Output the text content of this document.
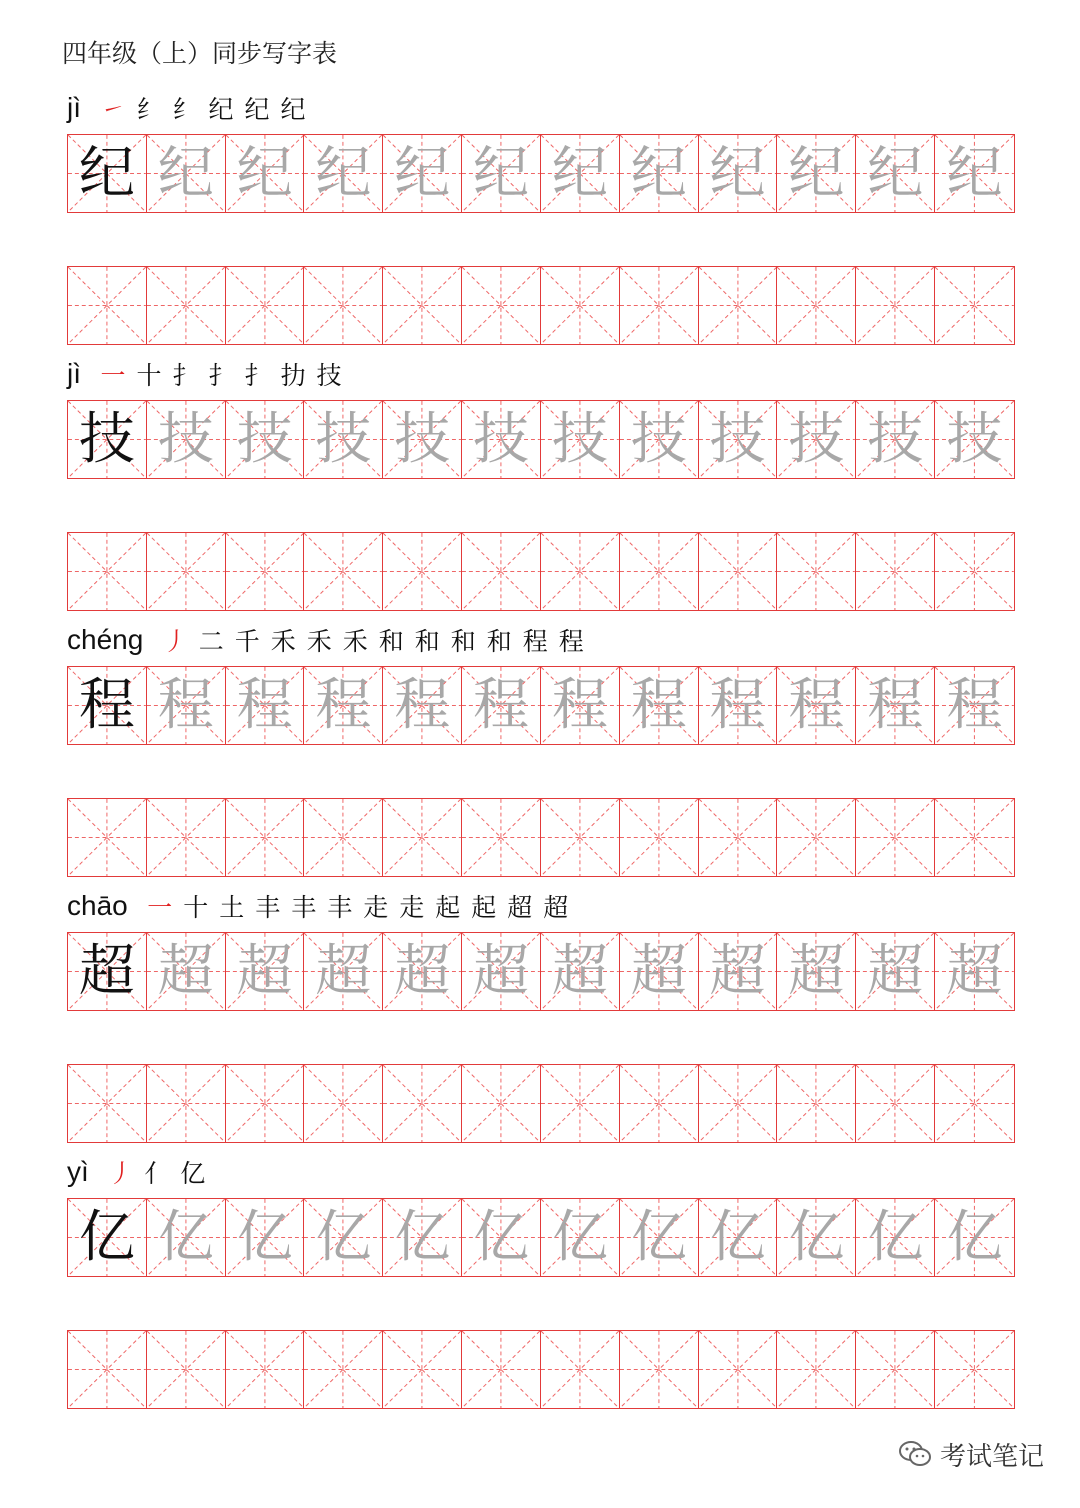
四年级（上）同步写字表
jì ㇀ 纟 纟 纪 纪 纪
纪 纪 纪 纪 纪 纪 纪 纪 纪 纪 纪 纪
jì 一 十 扌 扌 扌 扐 技
技 技 技 技 技 技 技 技 技 技 技 技
chéng 丿 二 千 禾 禾 禾 和 和 和 和 程 程
程 程 程 程 程 程 程 程 程 程 程 程
chāo 一 十 土 丰 丰 丰 走 走 起 起 超 超
超 超 超 超 超 超 超 超 超 超 超 超
yì 丿 亻 亿
亿 亿 亿 亿 亿 亿 亿 亿 亿 亿 亿 亿
考试笔记
